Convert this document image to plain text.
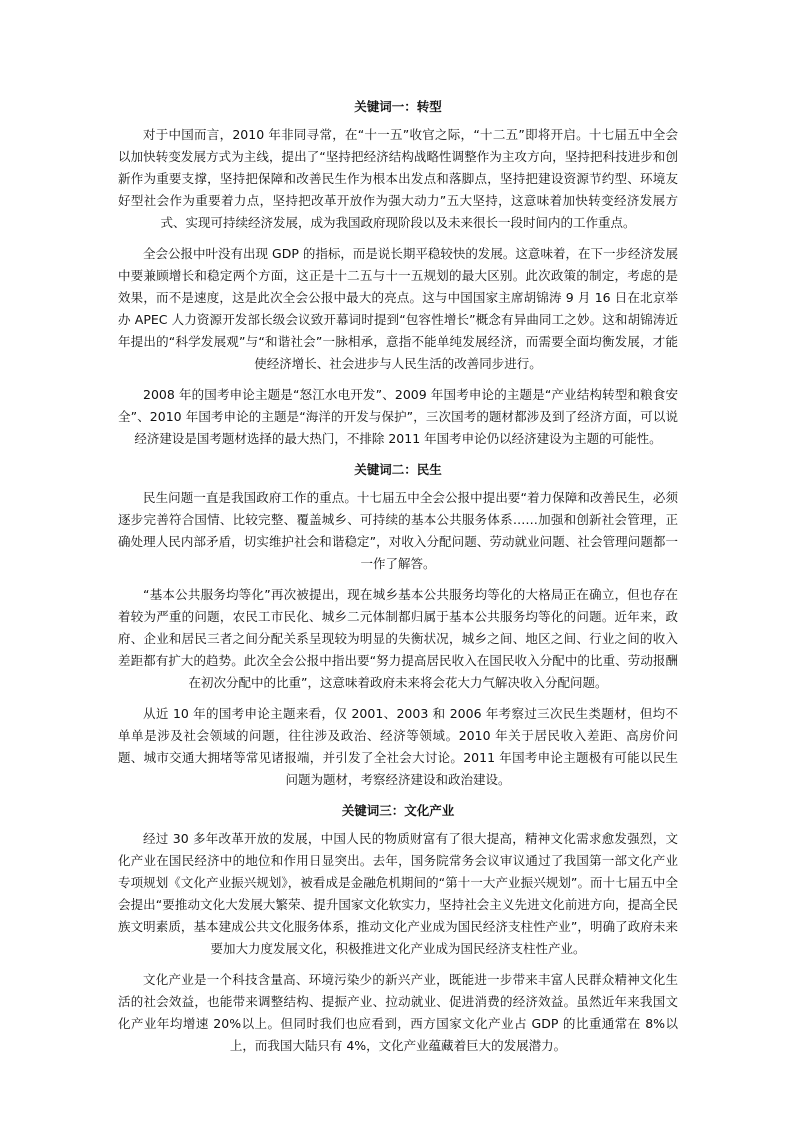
关键词一：转型

对于中国而言，2010 年非同寻常，在“十一五”收官之际，“十二五”即将开启。十七届五中全会以加快转变发展方式为主线，提出了“坚持把经济结构战略性调整作为主攻方向，坚持把科技进步和创新作为重要支撑，坚持把保障和改善民生作为根本出发点和落脚点，坚持把建设资源节约型、环境友好型社会作为重要着力点，坚持把改革开放作为强大动力”五大坚持，这意味着加快转变经济发展方式、实现可持续经济发展，成为我国政府现阶段以及未来很长一段时间内的工作重点。

全会公报中叶没有出现 GDP 的指标，而是说长期平稳较快的发展。这意味着，在下一步经济发展中要兼顾增长和稳定两个方面，这正是十二五与十一五规划的最大区别。此次政策的制定，考虑的是效果，而不是速度，这是此次全会公报中最大的亮点。这与中国国家主席胡锦涛 9 月 16 日在北京举办 APEC 人力资源开发部长级会议致开幕词时提到“包容性增长”概念有异曲同工之妙。这和胡锦涛近年提出的“科学发展观”与“和谐社会”一脉相承，意指不能单纯发展经济，而需要全面均衡发展，才能使经济增长、社会进步与人民生活的改善同步进行。

2008 年的国考申论主题是“怒江水电开发”、2009 年国考申论的主题是“产业结构转型和粮食安全”、2010 年国考申论的主题是“海洋的开发与保护”，三次国考的题材都涉及到了经济方面，可以说经济建设是国考题材选择的最大热门，不排除 2011 年国考申论仍以经济建设为主题的可能性。

关键词二：民生

民生问题一直是我国政府工作的重点。十七届五中全会公报中提出要“着力保障和改善民生，必须逐步完善符合国情、比较完整、覆盖城乡、可持续的基本公共服务体系……加强和创新社会管理，正确处理人民内部矛盾，切实维护社会和谐稳定”，对收入分配问题、劳动就业问题、社会管理问题都一一作了解答。

“基本公共服务均等化”再次被提出，现在城乡基本公共服务均等化的大格局正在确立，但也存在着较为严重的问题，农民工市民化、城乡二元体制都归属于基本公共服务均等化的问题。近年来，政府、企业和居民三者之间分配关系呈现较为明显的失衡状况，城乡之间、地区之间、行业之间的收入差距都有扩大的趋势。此次全会公报中指出要“努力提高居民收入在国民收入分配中的比重、劳动报酬在初次分配中的比重”，这意味着政府未来将会花大力气解决收入分配问题。

从近 10 年的国考申论主题来看，仅 2001、2003 和 2006 年考察过三次民生类题材，但均不单单是涉及社会领域的问题，往往涉及政治、经济等领域。2010 年关于居民收入差距、高房价问题、城市交通大拥堵等常见诸报端，并引发了全社会大讨论。2011 年国考申论主题极有可能以民生问题为题材，考察经济建设和政治建设。

关键词三：文化产业

经过 30 多年改革开放的发展，中国人民的物质财富有了很大提高，精神文化需求愈发强烈，文化产业在国民经济中的地位和作用日显突出。去年，国务院常务会议审议通过了我国第一部文化产业专项规划《文化产业振兴规划》，被看成是金融危机期间的“第十一大产业振兴规划”。而十七届五中全会提出“要推动文化大发展大繁荣、提升国家文化软实力，坚持社会主义先进文化前进方向，提高全民族文明素质，基本建成公共文化服务体系，推动文化产业成为国民经济支柱性产业”，明确了政府未来要加大力度发展文化，积极推进文化产业成为国民经济支柱性产业。

文化产业是一个科技含量高、环境污染少的新兴产业，既能进一步带来丰富人民群众精神文化生活的社会效益，也能带来调整结构、提振产业、拉动就业、促进消费的经济效益。虽然近年来我国文化产业年均增速 20%以上。但同时我们也应看到，西方国家文化产业占 GDP 的比重通常在 8%以上，而我国大陆只有 4%，文化产业蕴藏着巨大的发展潜力。
